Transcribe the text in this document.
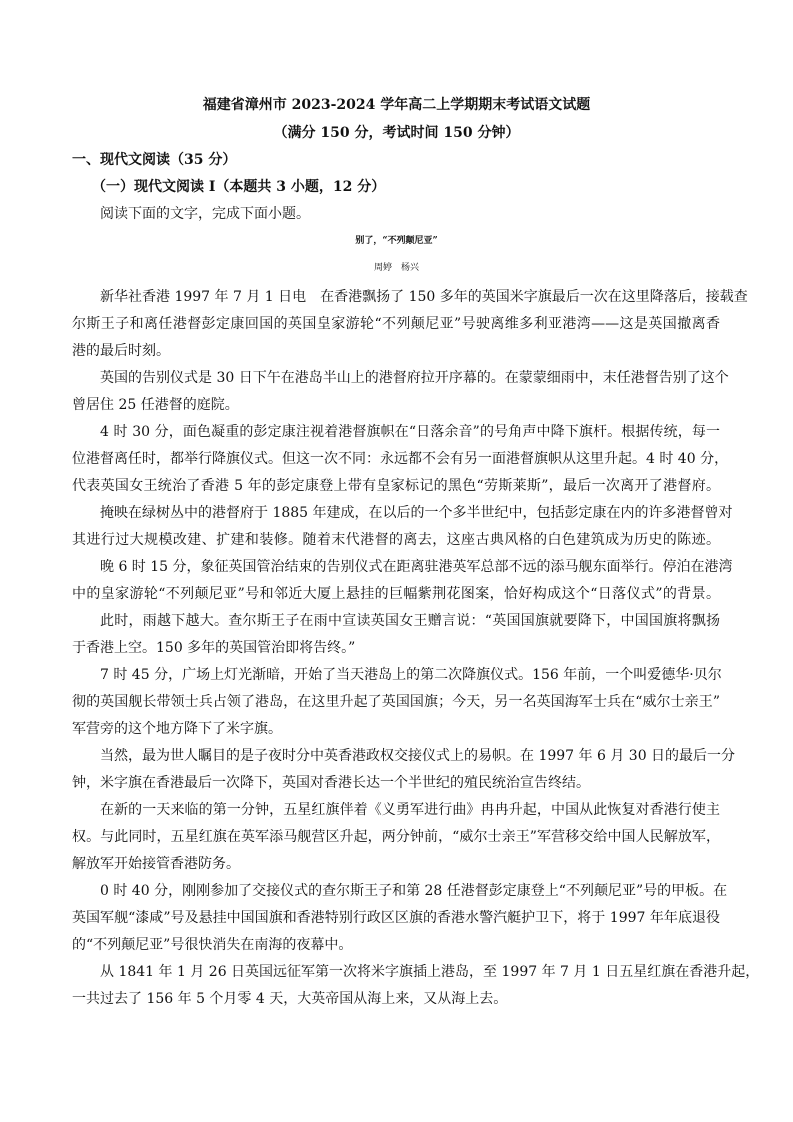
福建省漳州市 2023-2024 学年高二上学期期末考试语文试题
（满分 150 分，考试时间 150 分钟）
一、现代文阅读（35 分）
（一）现代文阅读 I（本题共 3 小题，12 分）
阅读下面的文字，完成下面小题。
别了，“不列颠尼亚”
周婷　杨兴
新华社香港 1997 年 7 月 1 日电　在香港飘扬了 150 多年的英国米字旗最后一次在这里降落后，接载查
尔斯王子和离任港督彭定康回国的英国皇家游轮“不列颠尼亚”号驶离维多利亚港湾——这是英国撤离香
港的最后时刻。
英国的告别仪式是 30 日下午在港岛半山上的港督府拉开序幕的。在蒙蒙细雨中，末任港督告别了这个
曾居住 25 任港督的庭院。
4 时 30 分，面色凝重的彭定康注视着港督旗帜在“日落余音”的号角声中降下旗杆。根据传统，每一
位港督离任时，都举行降旗仪式。但这一次不同：永远都不会有另一面港督旗帜从这里升起。4 时 40 分，
代表英国女王统治了香港 5 年的彭定康登上带有皇家标记的黑色“劳斯莱斯”，最后一次离开了港督府。
掩映在绿树丛中的港督府于 1885 年建成，在以后的一个多半世纪中，包括彭定康在内的许多港督曾对
其进行过大规模改建、扩建和装修。随着末代港督的离去，这座古典风格的白色建筑成为历史的陈迹。
晚 6 时 15 分，象征英国管治结束的告别仪式在距离驻港英军总部不远的添马舰东面举行。停泊在港湾
中的皇家游轮“不列颠尼亚”号和邻近大厦上悬挂的巨幅紫荆花图案，恰好构成这个“日落仪式”的背景。
此时，雨越下越大。查尔斯王子在雨中宣读英国女王赠言说：“英国国旗就要降下，中国国旗将飘扬
于香港上空。150 多年的英国管治即将告终。”
7 时 45 分，广场上灯光渐暗，开始了当天港岛上的第二次降旗仪式。156 年前，一个叫爱德华·贝尔
彻的英国舰长带领士兵占领了港岛，在这里升起了英国国旗；今天，另一名英国海军士兵在“威尔士亲王”
军营旁的这个地方降下了米字旗。
当然，最为世人瞩目的是子夜时分中英香港政权交接仪式上的易帜。在 1997 年 6 月 30 日的最后一分
钟，米字旗在香港最后一次降下，英国对香港长达一个半世纪的殖民统治宣告终结。
在新的一天来临的第一分钟，五星红旗伴着《义勇军进行曲》冉冉升起，中国从此恢复对香港行使主
权。与此同时，五星红旗在英军添马舰营区升起，两分钟前，“威尔士亲王”军营移交给中国人民解放军，
解放军开始接管香港防务。
0 时 40 分，刚刚参加了交接仪式的查尔斯王子和第 28 任港督彭定康登上“不列颠尼亚”号的甲板。在
英国军舰“漆咸”号及悬挂中国国旗和香港特别行政区区旗的香港水警汽艇护卫下，将于 1997 年年底退役
的“不列颠尼亚”号很快消失在南海的夜幕中。
从 1841 年 1 月 26 日英国远征军第一次将米字旗插上港岛，至 1997 年 7 月 1 日五星红旗在香港升起，
一共过去了 156 年 5 个月零 4 天，大英帝国从海上来，又从海上去。
